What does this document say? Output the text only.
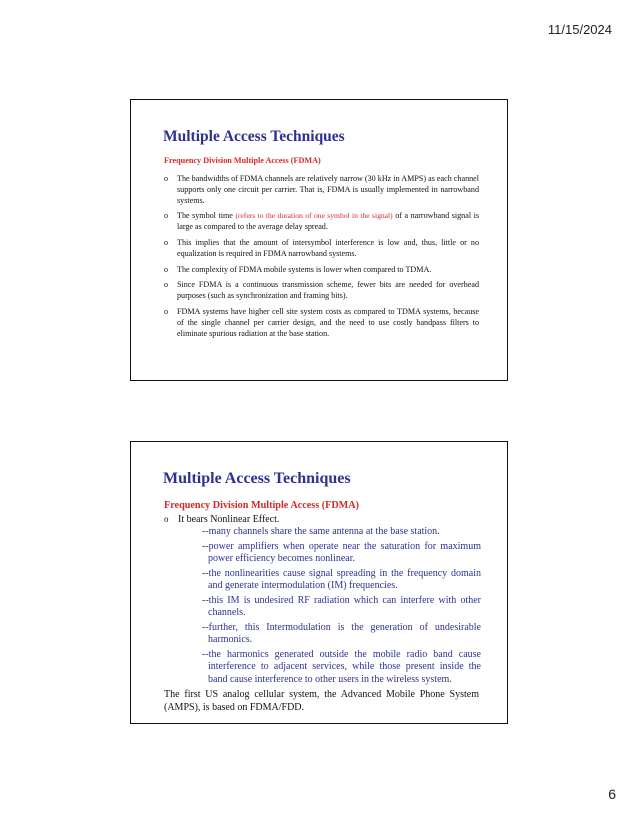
11/15/2024
Multiple Access Techniques
Frequency Division Multiple Access (FDMA)
o The bandwidths of FDMA channels are relatively narrow (30 kHz in AMPS) as each channel supports only one circuit per carrier. That is, FDMA is usually implemented in narrowband systems.
o The symbol time (refers to the duration of one symbol in the signal) of a narrowband signal is large as compared to the average delay spread.
o This implies that the amount of intersymbol interference is low and, thus, little or no equalization is required in FDMA narrowband systems.
o The complexity of FDMA mobile systems is lower when compared to TDMA.
o Since FDMA is a continuous transmission scheme, fewer bits are needed for overhead purposes (such as synchronization and framing bits).
o FDMA systems have higher cell site system costs as compared to TDMA systems, because of the single channel per carrier design, and the need to use costly bandpass filters to eliminate spurious radiation at the base station.
Multiple Access Techniques
Frequency Division Multiple Access (FDMA)
o It bears Nonlinear Effect.
--many channels share the same antenna at the base station.
--power amplifiers when operate near the saturation for maximum power efficiency becomes nonlinear.
--the nonlinearities cause signal spreading in the frequency domain and generate intermodulation (IM) frequencies.
--this IM is undesired RF radiation which can interfere with other channels.
--further, this Intermodulation is the generation of undesirable harmonics.
--the harmonics generated outside the mobile radio band cause interference to adjacent services, while those present inside the band cause interference to other users in the wireless system.
The first US analog cellular system, the Advanced Mobile Phone System (AMPS), is based on FDMA/FDD.
6
